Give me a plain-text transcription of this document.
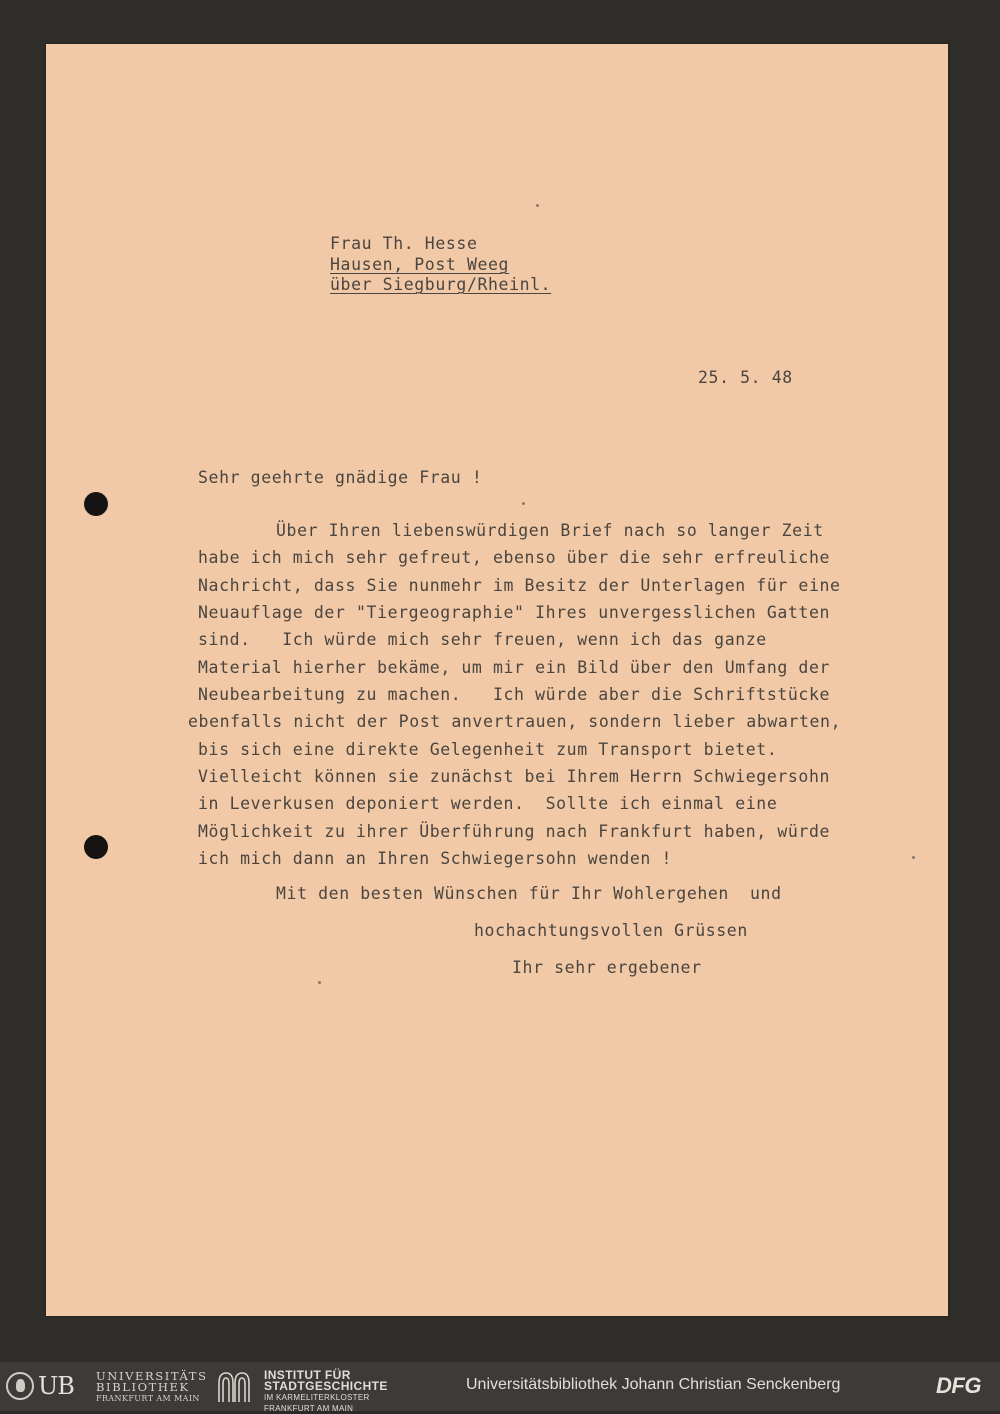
Frau Th. Hesse

Hausen, Post Weeg

über Siegburg/Rheinl.

25. 5. 48
Sehr geehrte gnädige Frau !

Über Ihren liebenswürdigen Brief nach so langer Zeit

habe ich mich sehr gefreut, ebenso über die sehr erfreuliche

Nachricht, dass Sie nunmehr im Besitz der Unterlagen für eine

Neuauflage der "Tiergeographie" Ihres unvergesslichen Gatten

sind.   Ich würde mich sehr freuen, wenn ich das ganze

Material hierher bekäme, um mir ein Bild über den Umfang der

Neubearbeitung zu machen.   Ich würde aber die Schriftstücke

ebenfalls nicht der Post anvertrauen, sondern lieber abwarten,

bis sich eine direkte Gelegenheit zum Transport bietet.

Vielleicht können sie zunächst bei Ihrem Herrn Schwiegersohn

in Leverkusen deponiert werden.  Sollte ich einmal eine

Möglichkeit zu ihrer Überführung nach Frankfurt haben, würde

ich mich dann an Ihren Schwiegersohn wenden !

Mit den besten Wünschen für Ihr Wohlergehen  und

hochachtungsvollen Grüssen

Ihr sehr ergebener

UB UNIVERSITÄTS
BIBLIOTHEK
FRANKFURT AM MAIN
INSTITUT FÜR
STADTGESCHICHTE
IM KARMELITERKLOSTER
FRANKFURT AM MAIN
Universitätsbibliothek Johann Christian Senckenberg	DFG
